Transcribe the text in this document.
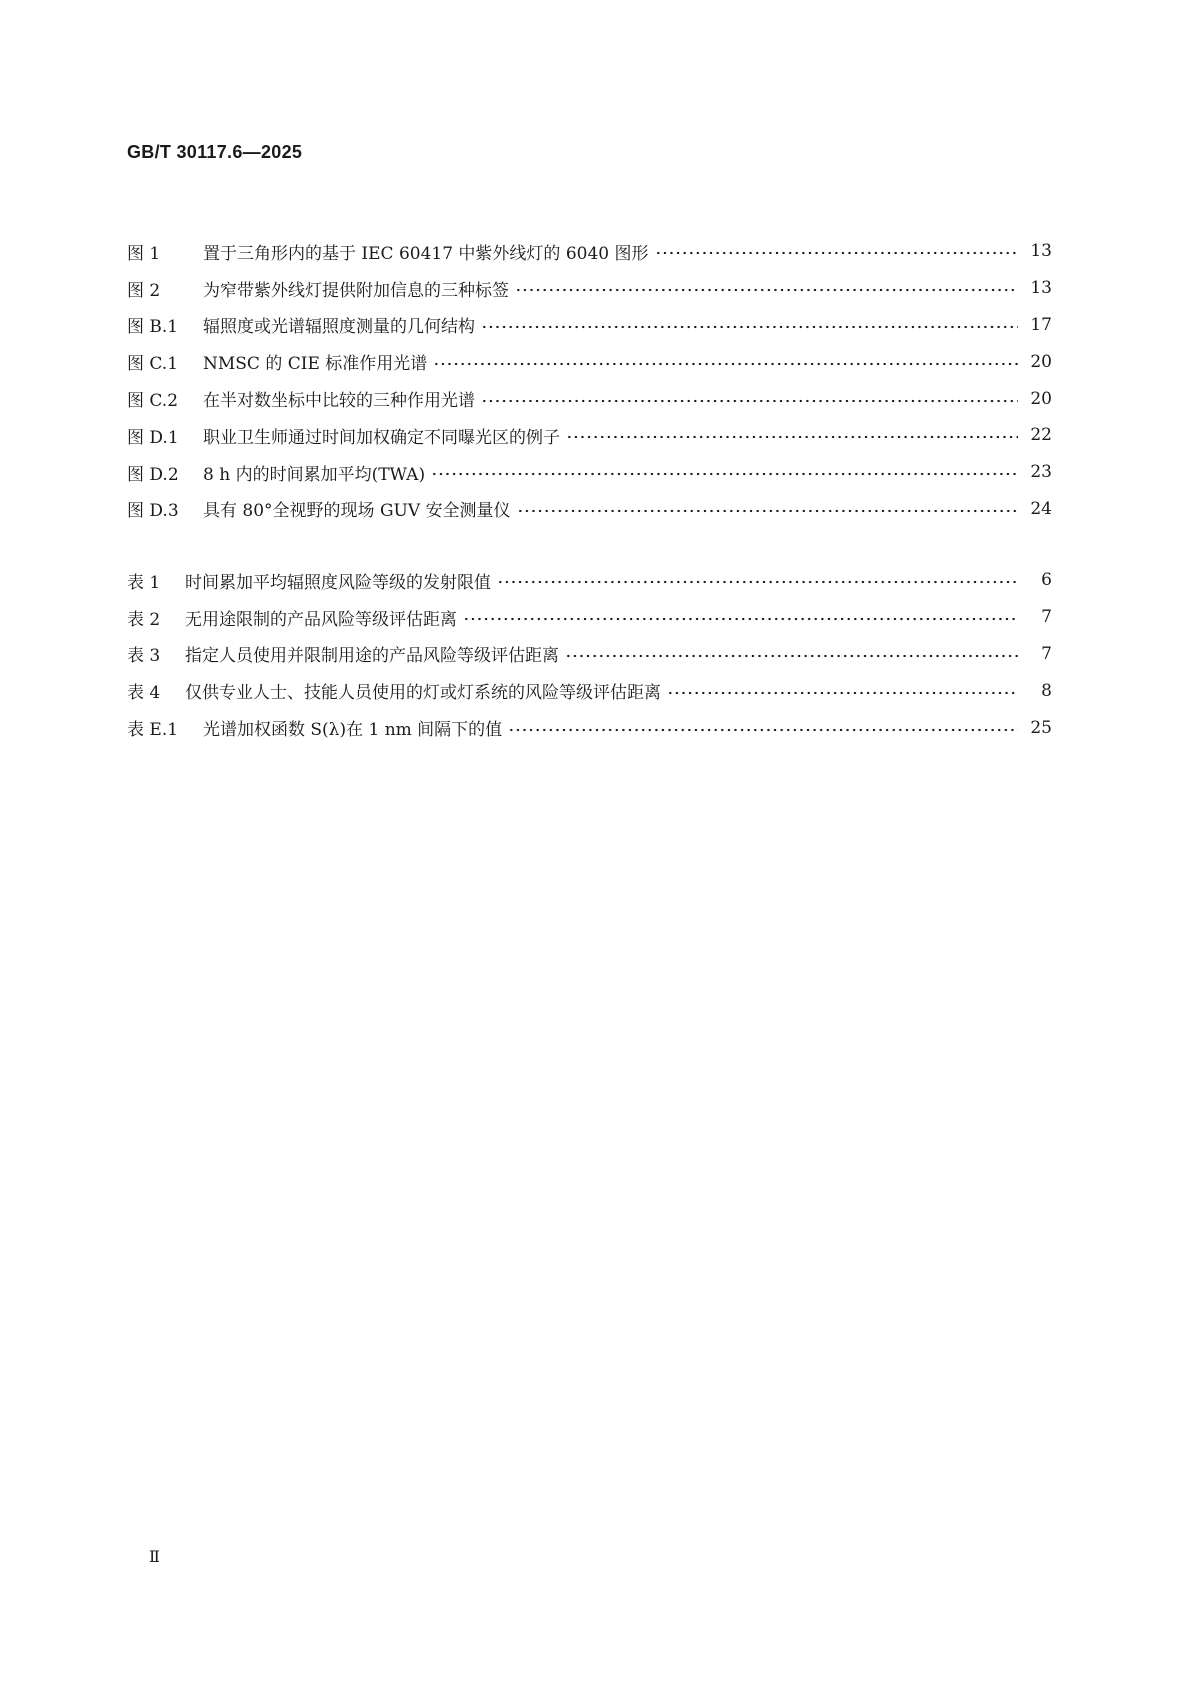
GB/T 30117.6—2025
图 1	置于三角形内的基于 IEC 60417 中紫外线灯的 6040 图形	13
图 2	为窄带紫外线灯提供附加信息的三种标签	13
图 B.1	辐照度或光谱辐照度测量的几何结构	17
图 C.1	NMSC 的 CIE 标准作用光谱	20
图 C.2	在半对数坐标中比较的三种作用光谱	20
图 D.1	职业卫生师通过时间加权确定不同曝光区的例子	22
图 D.2	8 h 内的时间累加平均(TWA)	23
图 D.3	具有 80°全视野的现场 GUV 安全测量仪	24
表 1	时间累加平均辐照度风险等级的发射限值	6
表 2	无用途限制的产品风险等级评估距离	7
表 3	指定人员使用并限制用途的产品风险等级评估距离	7
表 4	仅供专业人士、技能人员使用的灯或灯系统的风险等级评估距离	8
表 E.1	光谱加权函数 S(λ)在 1 nm 间隔下的值	25
Ⅱ
